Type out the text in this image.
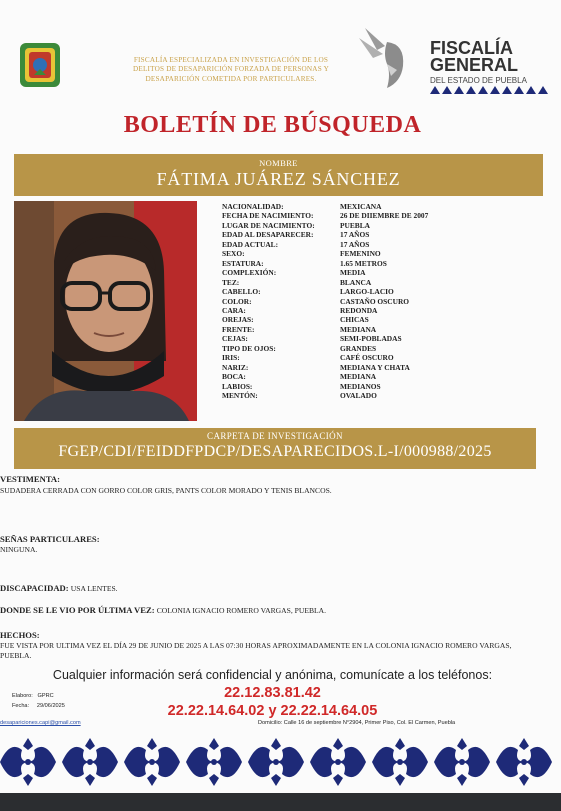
FISCALÍA ESPECIALIZADA EN INVESTIGACIÓN DE LOS DELITOS DE DESAPARICIÓN FORZADA DE PERSONAS Y DESAPARICIÓN COMETIDA POR PARTICULARES.
FISCALÍA
GENERAL
DEL ESTADO DE PUEBLA
BOLETÍN DE BÚSQUEDA
NOMBRE
FÁTIMA JUÁREZ SÁNCHEZ
NACIONALIDAD:	MEXICANA
FECHA DE NACIMIENTO:	26 DE DIIEMBRE DE 2007
LUGAR DE NACIMIENTO:	PUEBLA
EDAD AL DESAPARECER:	17 AÑOS
EDAD ACTUAL:	17 AÑOS
SEXO:	FEMENINO
ESTATURA:	1.65 METROS
COMPLEXIÓN:	MEDIA
TEZ:	BLANCA
CABELLO:	LARGO-LACIO
COLOR:	CASTAÑO OSCURO
CARA:	REDONDA
OREJAS:	CHICAS
FRENTE:	MEDIANA
CEJAS:	SEMI-POBLADAS
TIPO DE OJOS:	GRANDES
IRIS:	CAFÉ OSCURO
NARIZ:	MEDIANA Y CHATA
BOCA:	MEDIANA
LABIOS:	MEDIANOS
MENTÓN:	OVALADO
CARPETA DE INVESTIGACIÓN
FGEP/CDI/FEIDDFPDCP/DESAPARECIDOS.L-I/000988/2025
VESTIMENTA:
SUDADERA CERRADA CON GORRO COLOR GRIS, PANTS COLOR MORADO Y TENIS BLANCOS.
SEÑAS PARTICULARES:
NINGUNA.
DISCAPACIDAD: USA LENTES.
DONDE SE LE VIO POR ÚLTIMA VEZ: COLONIA IGNACIO ROMERO VARGAS, PUEBLA.
HECHOS:
FUE VISTA POR ULTIMA VEZ EL DÍA 29 DE JUNIO DE 2025 A LAS 07:30 HORAS APROXIMADAMENTE EN LA COLONIA IGNACIO ROMERO VARGAS, PUEBLA.
Cualquier información será confidencial y anónima, comunícate a los teléfonos:
22.12.83.81.42
22.22.14.64.02 y 22.22.14.64.05
Elaboro: GPRC
Fecha: 29/06/2025
desapariciones.capi@gmail.com	Domicilio: Calle 16 de septiembre N°2904, Primer Piso, Col. El Carmen, Puebla
